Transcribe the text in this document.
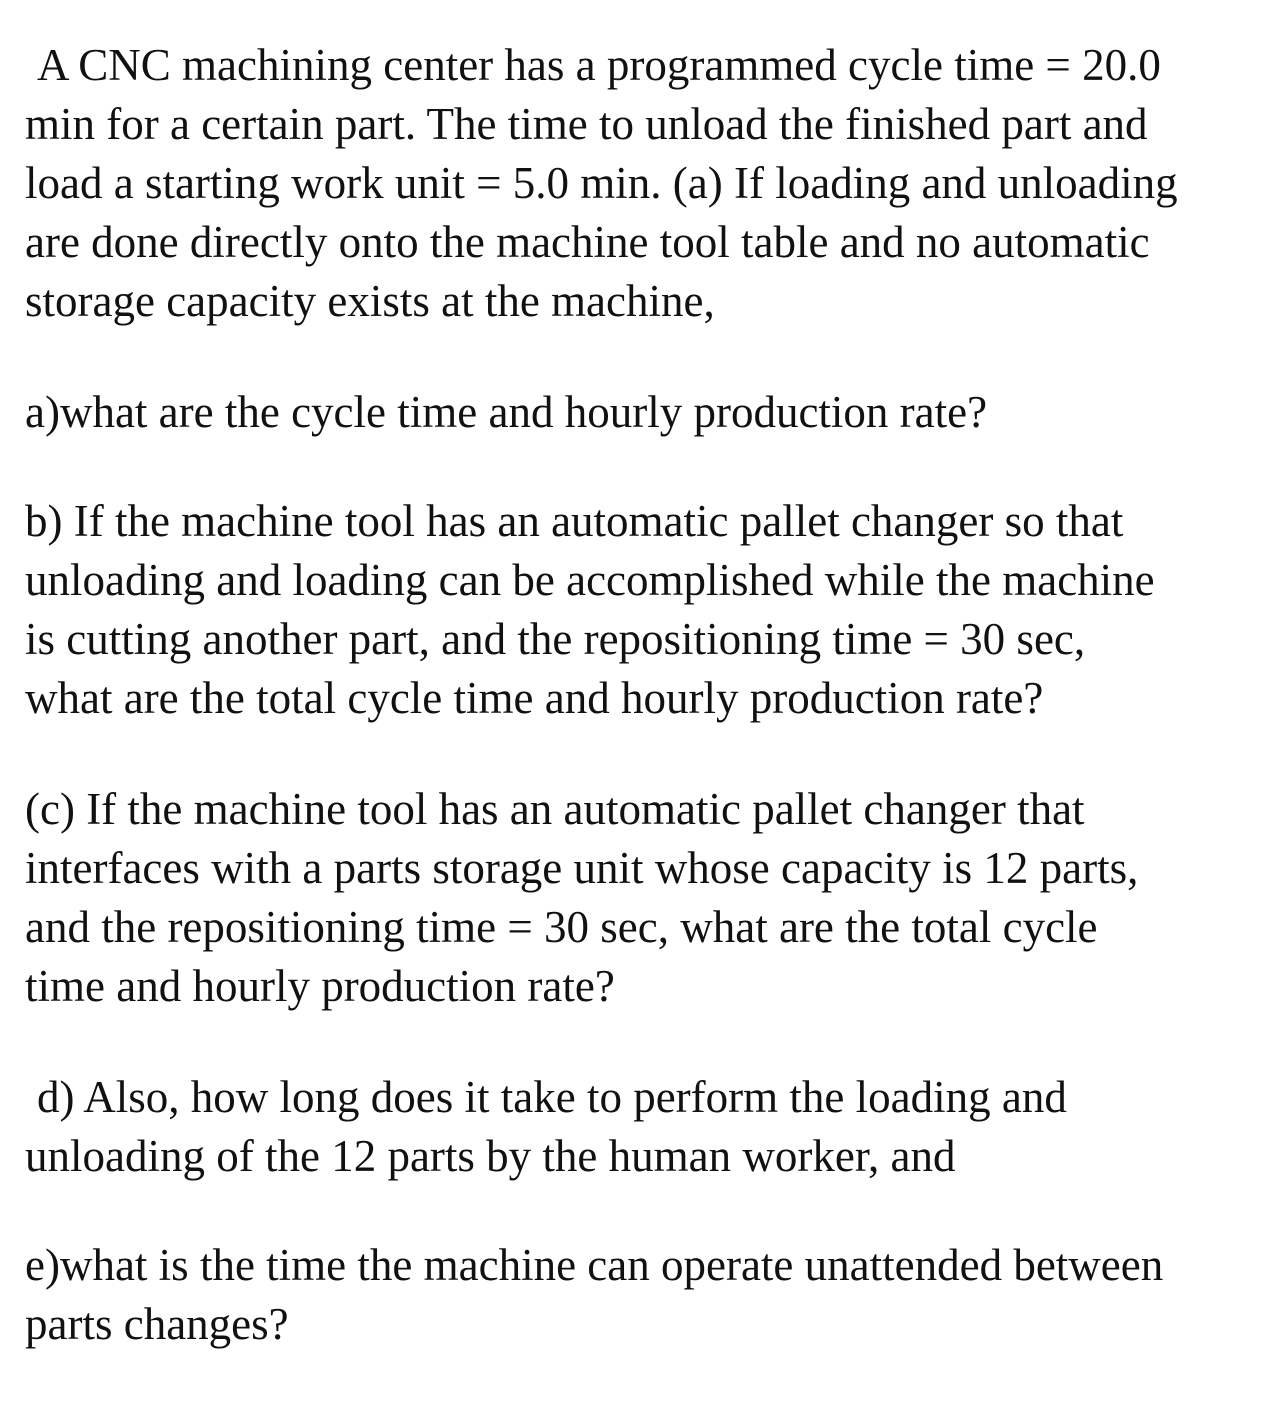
A CNC machining center has a programmed cycle time = 20.0
min for a certain part. The time to unload the finished part and
load a starting work unit = 5.0 min. (a) If loading and unloading
are done directly onto the machine tool table and no automatic
storage capacity exists at the machine,

a)what are the cycle time and hourly production rate?

b) If the machine tool has an automatic pallet changer so that
unloading and loading can be accomplished while the machine
is cutting another part, and the repositioning time = 30 sec,
what are the total cycle time and hourly production rate?

(c) If the machine tool has an automatic pallet changer that
interfaces with a parts storage unit whose capacity is 12 parts,
and the repositioning time = 30 sec, what are the total cycle
time and hourly production rate?

d) Also, how long does it take to perform the loading and
unloading of the 12 parts by the human worker, and

e)what is the time the machine can operate unattended between
parts changes?
